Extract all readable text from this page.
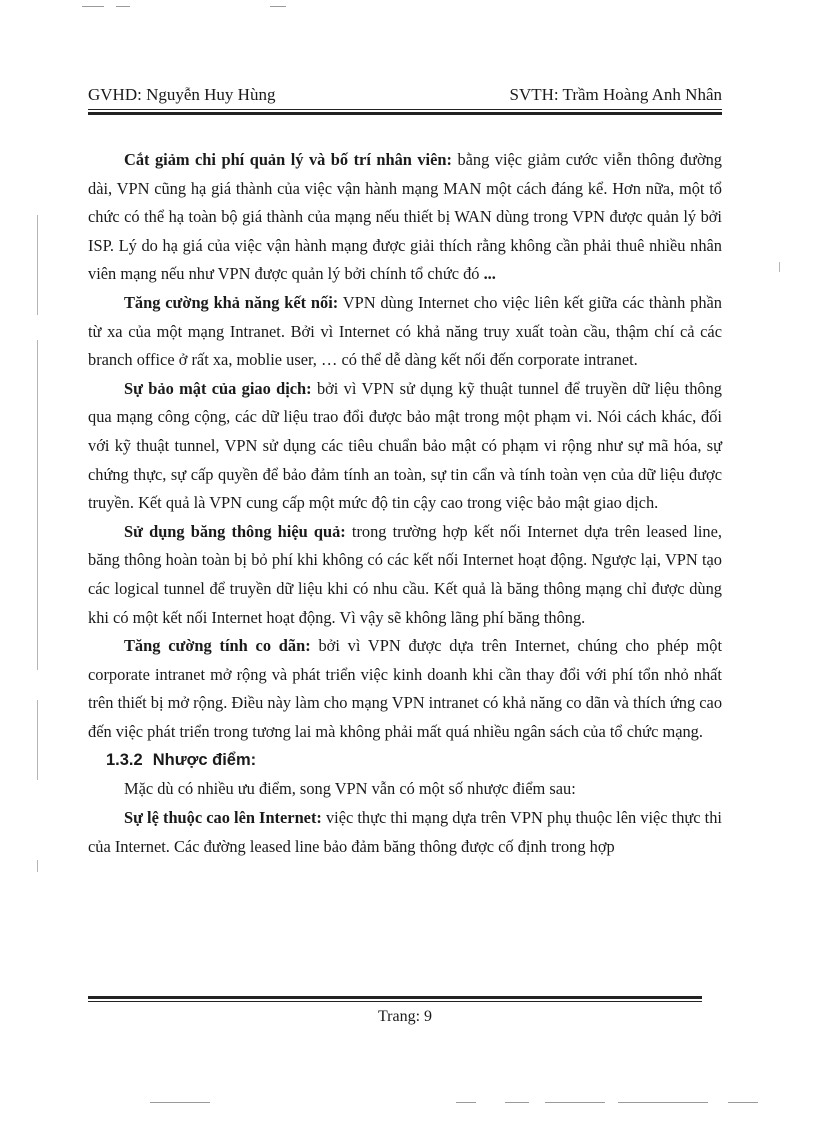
GVHD: Nguyễn Huy Hùng	SVTH: Trầm Hoàng Anh Nhân

Cắt giảm chi phí quản lý và bố trí nhân viên: bằng việc giảm cước viễn thông đường dài, VPN cũng hạ giá thành của việc vận hành mạng MAN một cách đáng kể. Hơn nữa, một tổ chức có thể hạ toàn bộ giá thành của mạng nếu thiết bị WAN dùng trong VPN được quản lý bởi ISP. Lý do hạ giá của việc vận hành mạng được giải thích rằng không cần phải thuê nhiều nhân viên mạng nếu như VPN được quản lý bởi chính tổ chức đó ...

Tăng cường khả năng kết nối: VPN dùng Internet cho việc liên kết giữa các thành phần từ xa của một mạng Intranet. Bởi vì Internet có khả năng truy xuất toàn cầu, thậm chí cả các branch office ở rất xa, moblie user, … có thể dễ dàng kết nối đến corporate intranet.

Sự bảo mật của giao dịch: bởi vì VPN sử dụng kỹ thuật tunnel để truyền dữ liệu thông qua mạng công cộng, các dữ liệu trao đổi được bảo mật trong một phạm vi. Nói cách khác, đối với kỹ thuật tunnel, VPN sử dụng các tiêu chuẩn bảo mật có phạm vi rộng như sự mã hóa, sự chứng thực, sự cấp quyền để bảo đảm tính an toàn, sự tin cẩn và tính toàn vẹn của dữ liệu được truyền. Kết quả là VPN cung cấp một mức độ tin cậy cao trong việc bảo mật giao dịch.

Sử dụng băng thông hiệu quả: trong trường hợp kết nối Internet dựa trên leased line, băng thông hoàn toàn bị bỏ phí khi không có các kết nối Internet hoạt động. Ngược lại, VPN tạo các logical tunnel để truyền dữ liệu khi có nhu cầu. Kết quả là băng thông mạng chỉ được dùng khi có một kết nối Internet hoạt động. Vì vậy sẽ không lãng phí băng thông.

Tăng cường tính co dãn: bởi vì VPN được dựa trên Internet, chúng cho phép một corporate intranet mở rộng và phát triển việc kinh doanh khi cần thay đổi với phí tổn nhỏ nhất trên thiết bị mở rộng. Điều này làm cho mạng VPN intranet có khả năng co dãn và thích ứng cao đến việc phát triển trong tương lai mà không phải mất quá nhiều ngân sách của tổ chức mạng.

1.3.2 Nhược điểm:

Mặc dù có nhiều ưu điểm, song VPN vẫn có một số nhược điểm sau:

Sự lệ thuộc cao lên Internet: việc thực thi mạng dựa trên VPN phụ thuộc lên việc thực thi của Internet. Các đường leased line bảo đảm băng thông được cố định trong hợp

Trang: 9
